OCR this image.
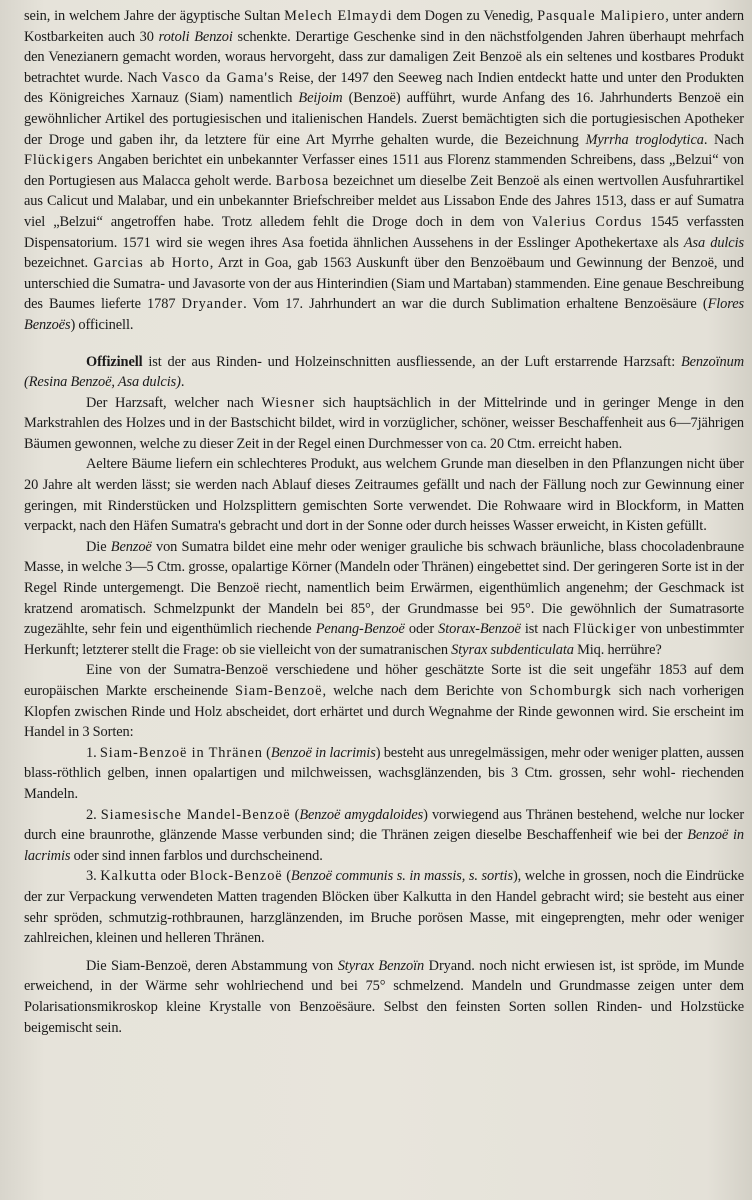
sein, in welchem Jahre der ägyptische Sultan Melech Elmaydi dem Dogen zu Venedig, Pasquale Malipiero, unter andern Kostbarkeiten auch 30 rotoli Benzoi schenkte. Derartige Geschenke sind in den nächstfolgenden Jahren überhaupt mehrfach den Venezianern gemacht worden, woraus hervorgeht, dass zur damaligen Zeit Benzoë als ein seltenes und kostbares Produkt betrachtet wurde. Nach Vasco da Gama's Reise, der 1497 den Seeweg nach Indien entdeckt hatte und unter den Produkten des Königreiches Xarnauz (Siam) namentlich Beijoim (Benzoë) aufführt, wurde Anfang des 16. Jahrhunderts Benzoë ein gewöhnlicher Artikel des portugiesischen und italienischen Handels. Zuerst bemächtigten sich die portugiesischen Apotheker der Droge und gaben ihr, da letztere für eine Art Myrrhe gehalten wurde, die Bezeichnung Myrrha troglodytica. Nach Flückigers Angaben berichtet ein unbekannter Verfasser eines 1511 aus Florenz stammenden Schreibens, dass „Belzui“ von den Portugiesen aus Malacca geholt werde. Barbosa bezeichnet um dieselbe Zeit Benzoë als einen wertvollen Ausfuhrartikel aus Calicut und Malabar, und ein unbekannter Briefschreiber meldet aus Lissabon Ende des Jahres 1513, dass er auf Sumatra viel „Belzui“ angetroffen habe. Trotz alledem fehlt die Droge doch in dem von Valerius Cordus 1545 verfassten Dispensatorium. 1571 wird sie wegen ihres Asa foetida ähnlichen Aussehens in der Esslinger Apothekertaxe als Asa dulcis bezeichnet. Garcias ab Horto, Arzt in Goa, gab 1563 Auskunft über den Benzoëbaum und Gewinnung der Benzoë, und unterschied die Sumatra- und Javasorte von der aus Hinterindien (Siam und Martaban) stammenden. Eine genaue Beschreibung des Baumes lieferte 1787 Dryander. Vom 17. Jahrhundert an war die durch Sublimation erhaltene Benzoësäure (Flores Benzoës) officinell.

Offizinell ist der aus Rinden- und Holzeinschnitten ausfliessende, an der Luft erstarrende Harzsaft: Benzoïnum (Resina Benzoë, Asa dulcis).

Der Harzsaft, welcher nach Wiesner sich hauptsächlich in der Mittelrinde und in geringer Menge in den Markstrahlen des Holzes und in der Bastschicht bildet, wird in vorzüglicher, schöner, weisser Beschaffenheit aus 6—7jährigen Bäumen gewonnen, welche zu dieser Zeit in der Regel einen Durchmesser von ca. 20 Ctm. erreicht haben.

Aeltere Bäume liefern ein schlechteres Produkt, aus welchem Grunde man dieselben in den Pflanzungen nicht über 20 Jahre alt werden lässt; sie werden nach Ablauf dieses Zeitraumes gefällt und nach der Fällung noch zur Gewinnung einer geringen, mit Rinderstücken und Holzsplittern gemischten Sorte verwendet. Die Rohwaare wird in Blockform, in Matten verpackt, nach den Häfen Sumatra's gebracht und dort in der Sonne oder durch heisses Wasser erweicht, in Kisten gefüllt.

Die Benzoë von Sumatra bildet eine mehr oder weniger grauliche bis schwach bräunliche, blass chocoladenbraune Masse, in welche 3—5 Ctm. grosse, opalartige Körner (Mandeln oder Thränen) eingebettet sind. Der geringeren Sorte ist in der Regel Rinde untergemengt. Die Benzoë riecht, namentlich beim Erwärmen, eigenthümlich angenehm; der Geschmack ist kratzend aromatisch. Schmelzpunkt der Mandeln bei 85°, der Grundmasse bei 95°. Die gewöhnlich der Sumatrasorte zugezählte, sehr fein und eigenthümlich riechende Penang-Benzoë oder Storax-Benzoë ist nach Flückiger von unbestimmter Herkunft; letzterer stellt die Frage: ob sie vielleicht von der sumatranischen Styrax subdenticulata Miq. herrühre?

Eine von der Sumatra-Benzoë verschiedene und höher geschätzte Sorte ist die seit ungefähr 1853 auf dem europäischen Markte erscheinende Siam-Benzoë, welche nach dem Berichte von Schomburgk sich nach vorherigen Klopfen zwischen Rinde und Holz abscheidet, dort erhärtet und durch Wegnahme der Rinde gewonnen wird. Sie erscheint im Handel in 3 Sorten:

1. Siam-Benzoë in Thränen (Benzoë in lacrimis) besteht aus unregelmässigen, mehr oder weniger platten, aussen blass-röthlich gelben, innen opalartigen und milchweissen, wachsglänzenden, bis 3 Ctm. grossen, sehr wohl- riechenden Mandeln.

2. Siamesische Mandel-Benzoë (Benzoë amygdaloides) vorwiegend aus Thränen bestehend, welche nur locker durch eine braunrothe, glänzende Masse verbunden sind; die Thränen zeigen dieselbe Beschaffenheif wie bei der Benzoë in lacrimis oder sind innen farblos und durchscheinend.

3. Kalkutta oder Block-Benzoë (Benzoë communis s. in massis, s. sortis), welche in grossen, noch die Eindrücke der zur Verpackung verwendeten Matten tragenden Blöcken über Kalkutta in den Handel gebracht wird; sie besteht aus einer sehr spröden, schmutzig-rothbraunen, harzglänzenden, im Bruche porösen Masse, mit eingeprengten, mehr oder weniger zahlreichen, kleinen und helleren Thränen.

Die Siam-Benzoë, deren Abstammung von Styrax Benzoïn Dryand. noch nicht erwiesen ist, ist spröde, im Munde erweichend, in der Wärme sehr wohlriechend und bei 75° schmelzend. Mandeln und Grundmasse zeigen unter dem Polarisationsmikroskop kleine Krystalle von Benzoësäure. Selbst den feinsten Sorten sollen Rinden- und Holzstücke beigemischt sein.
